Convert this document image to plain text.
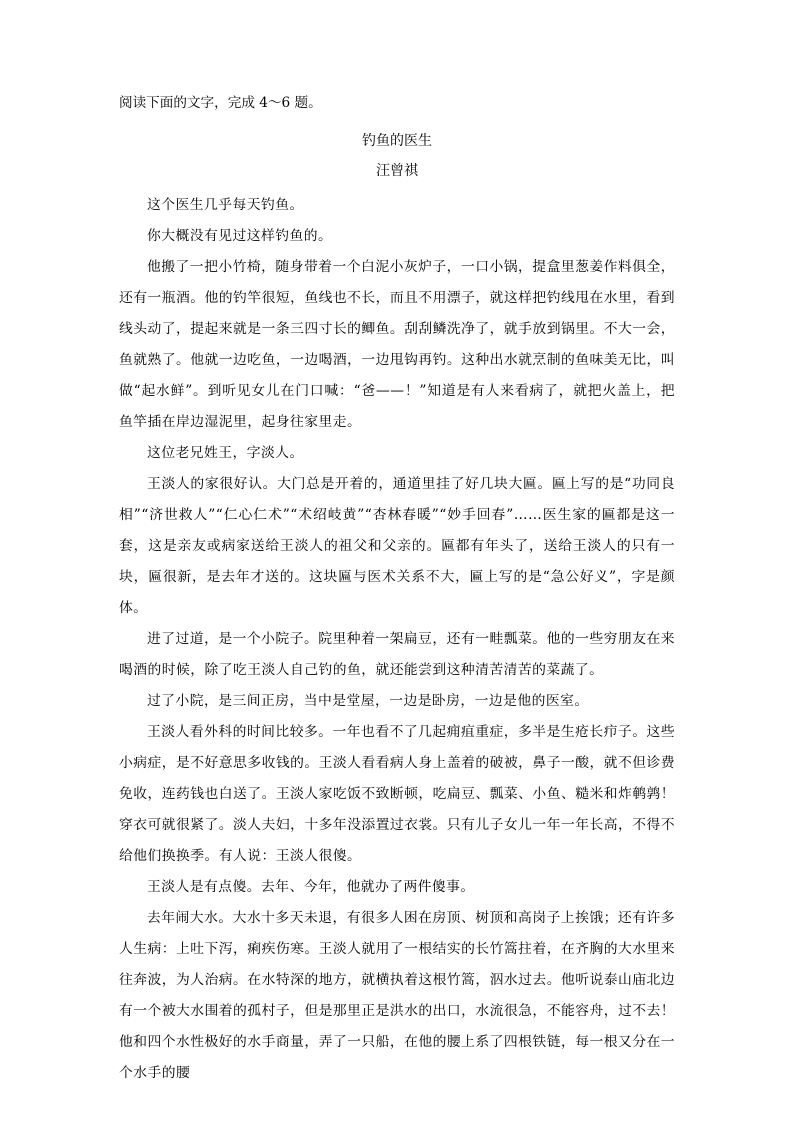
阅读下面的文字，完成 4～6 题。
钓鱼的医生
汪曾祺

这个医生几乎每天钓鱼。

你大概没有见过这样钓鱼的。

他搬了一把小竹椅，随身带着一个白泥小灰炉子，一口小锅，提盒里葱姜作料俱全，还有一瓶酒。他的钓竿很短，鱼线也不长，而且不用漂子，就这样把钓线甩在水里，看到线头动了，提起来就是一条三四寸长的鲫鱼。刮刮鳞洗净了，就手放到锅里。不大一会，鱼就熟了。他就一边吃鱼，一边喝酒，一边甩钩再钓。这种出水就烹制的鱼味美无比，叫做“起水鲜”。到听见女儿在门口喊：“爸——！”知道是有人来看病了，就把火盖上，把鱼竿插在岸边湿泥里，起身往家里走。

这位老兄姓王，字淡人。

王淡人的家很好认。大门总是开着的，通道里挂了好几块大匾。匾上写的是“功同良相”“济世救人”“仁心仁术”“术绍岐黄”“杏林春暖”“妙手回春”……医生家的匾都是这一套，这是亲友或病家送给王淡人的祖父和父亲的。匾都有年头了，送给王淡人的只有一块，匾很新，是去年才送的。这块匾与医术关系不大，匾上写的是“急公好义”，字是颜体。

进了过道，是一个小院子。院里种着一架扁豆，还有一畦瓢菜。他的一些穷朋友在来喝酒的时候，除了吃王淡人自己钓的鱼，就还能尝到这种清苦清苦的菜蔬了。

过了小院，是三间正房，当中是堂屋，一边是卧房，一边是他的医室。

王淡人看外科的时间比较多。一年也看不了几起痈疽重症，多半是生疮长疖子。这些小病症，是不好意思多收钱的。王淡人看看病人身上盖着的破被，鼻子一酸，就不但诊费免收，连药钱也白送了。王淡人家吃饭不致断顿，吃扁豆、瓢菜、小鱼、糙米和炸鹌鹑！穿衣可就很紧了。淡人夫妇，十多年没添置过衣裳。只有儿子女儿一年一年长高，不得不给他们换换季。有人说：王淡人很傻。

王淡人是有点傻。去年、今年，他就办了两件傻事。

去年闹大水。大水十多天未退，有很多人困在房顶、树顶和高岗子上挨饿；还有许多人生病：上吐下泻，痢疾伤寒。王淡人就用了一根结实的长竹篙拄着，在齐胸的大水里来往奔波，为人治病。在水特深的地方，就横执着这根竹篙，泅水过去。他听说泰山庙北边有一个被大水围着的孤村子，但是那里正是洪水的出口，水流很急，不能容舟，过不去！他和四个水性极好的水手商量，弄了一只船，在他的腰上系了四根铁链，每一根又分在一个水手的腰
